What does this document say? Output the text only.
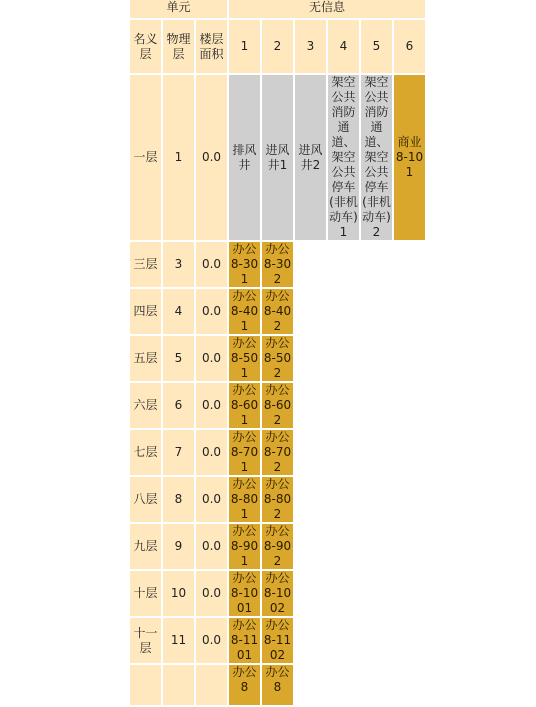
单元			无信息					
名义层	物理层	楼层面积	1	2	3	4	5	6
一层	1	0.0	排风井	进风井1	进风井2	架空公共消防通道、架空公共停车(非机动车)1	架空公共消防通道、架空公共停车(非机动车)2	商业8-101
三层	3	0.0	办公8-301	办公8-302				
四层	4	0.0	办公8-401	办公8-402				
五层	5	0.0	办公8-501	办公8-502				
六层	6	0.0	办公8-601	办公8-602				
七层	7	0.0	办公8-701	办公8-702				
八层	8	0.0	办公8-801	办公8-802				
九层	9	0.0	办公8-901	办公8-902				
十层	10	0.0	办公8-1001	办公8-1002				
十一层	11	0.0	办公8-1101	办公8-1102				
			办公8	办公8				
